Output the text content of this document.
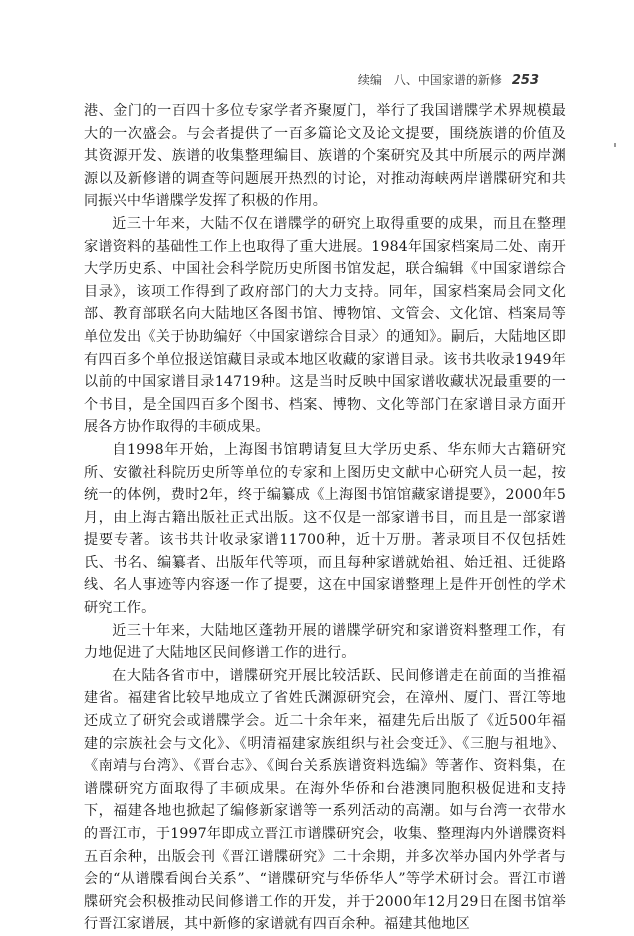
续编　八、中国家谱的新修 253

港、金门的一百四十多位专家学者齐聚厦门，举行了我国谱牒学术界规模最大的一次盛会。与会者提供了一百多篇论文及论文提要，围绕族谱的价值及其资源开发、族谱的收集整理编目、族谱的个案研究及其中所展示的两岸渊源以及新修谱的调查等问题展开热烈的讨论，对推动海峡两岸谱牒研究和共同振兴中华谱牒学发挥了积极的作用。

近三十年来，大陆不仅在谱牒学的研究上取得重要的成果，而且在整理家谱资料的基础性工作上也取得了重大进展。1984年国家档案局二处、南开大学历史系、中国社会科学院历史所图书馆发起，联合编辑《中国家谱综合目录》，该项工作得到了政府部门的大力支持。同年，国家档案局会同文化部、教育部联名向大陆地区各图书馆、博物馆、文管会、文化馆、档案局等单位发出《关于协助编好〈中国家谱综合目录〉的通知》。嗣后，大陆地区即有四百多个单位报送馆藏目录或本地区收藏的家谱目录。该书共收录1949年以前的中国家谱目录14719种。这是当时反映中国家谱收藏状况最重要的一个书目，是全国四百多个图书、档案、博物、文化等部门在家谱目录方面开展各方协作取得的丰硕成果。

自1998年开始，上海图书馆聘请复旦大学历史系、华东师大古籍研究所、安徽社科院历史所等单位的专家和上图历史文献中心研究人员一起，按统一的体例，费时2年，终于编纂成《上海图书馆馆藏家谱提要》，2000年5月，由上海古籍出版社正式出版。这不仅是一部家谱书目，而且是一部家谱提要专著。该书共计收录家谱11700种，近十万册。著录项目不仅包括姓氏、书名、编纂者、出版年代等项，而且每种家谱就始祖、始迁祖、迁徙路线、名人事迹等内容逐一作了提要，这在中国家谱整理上是件开创性的学术研究工作。

近三十年来，大陆地区蓬勃开展的谱牒学研究和家谱资料整理工作，有力地促进了大陆地区民间修谱工作的进行。

在大陆各省市中，谱牒研究开展比较活跃、民间修谱走在前面的当推福建省。福建省比较早地成立了省姓氏渊源研究会，在漳州、厦门、晋江等地还成立了研究会或谱牒学会。近二十余年来，福建先后出版了《近500年福建的宗族社会与文化》、《明清福建家族组织与社会变迁》、《三胞与祖地》、《南靖与台湾》、《晋台志》、《闽台关系族谱资料选编》等著作、资料集，在谱牒研究方面取得了丰硕成果。在海外华侨和台港澳同胞积极促进和支持下，福建各地也掀起了编修新家谱等一系列活动的高潮。如与台湾一衣带水的晋江市，于1997年即成立晋江市谱牒研究会，收集、整理海内外谱牒资料五百余种，出版会刊《晋江谱牒研究》二十余期，并多次举办国内外学者与会的“从谱牒看闽台关系”、“谱牒研究与华侨华人”等学术研讨会。晋江市谱牒研究会积极推动民间修谱工作的开发，并于2000年12月29日在图书馆举行晋江家谱展，其中新修的家谱就有四百余种。福建其他地区
